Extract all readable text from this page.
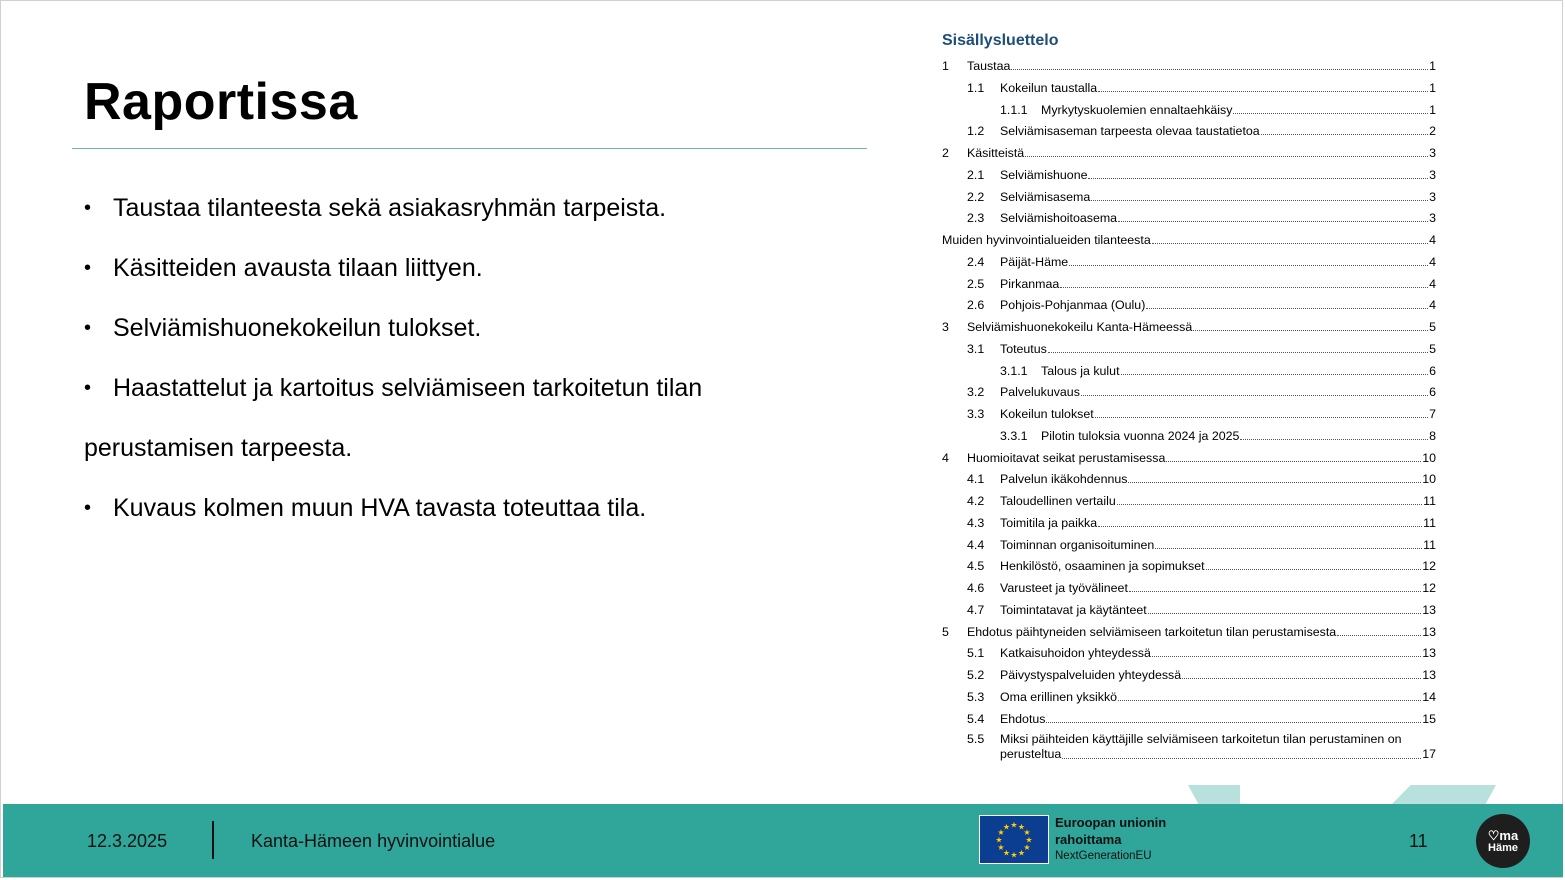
Raportissa
• Taustaa tilanteesta sekä asiakasryhmän tarpeista.
• Käsitteiden avausta tilaan liittyen.
• Selviämishuonekokeilun tulokset.
• Haastattelut ja kartoitus selviämiseen tarkoitetun tilan
perustamisen tarpeesta.
• Kuvaus kolmen muun HVA tavasta toteuttaa tila.
Sisällysluettelo
1	Taustaa	1
1.1	Kokeilun taustalla	1
1.1.1	Myrkytyskuolemien ennaltaehkäisy	1
1.2	Selviämisaseman tarpeesta olevaa taustatietoa	2
2	Käsitteistä	3
2.1	Selviämishuone	3
2.2	Selviämisasema	3
2.3	Selviämishoitoasema	3
Muiden hyvinvointialueiden tilanteesta	4
2.4	Päijät-Häme	4
2.5	Pirkanmaa	4
2.6	Pohjois-Pohjanmaa (Oulu)	4
3	Selviämishuonekokeilu Kanta-Hämeessä	5
3.1	Toteutus	5
3.1.1	Talous ja kulut	6
3.2	Palvelukuvaus	6
3.3	Kokeilun tulokset	7
3.3.1	Pilotin tuloksia vuonna 2024 ja 2025	8
4	Huomioitavat seikat perustamisessa	10
4.1	Palvelun ikäkohdennus	10
4.2	Taloudellinen vertailu	11
4.3	Toimitila ja paikka	11
4.4	Toiminnan organisoituminen	11
4.5	Henkilöstö, osaaminen ja sopimukset	12
4.6	Varusteet ja työvälineet	12
4.7	Toimintatavat ja käytänteet	13
5	Ehdotus päihtyneiden selviämiseen tarkoitetun tilan perustamisesta	13
5.1	Katkaisuhoidon yhteydessä	13
5.2	Päivystyspalveluiden yhteydessä	13
5.3	Oma erillinen yksikkö	14
5.4	Ehdotus	15
5.5 Miksi päihteiden käyttäjille selviämiseen tarkoitetun tilan perustaminen on
perusteltua	17
12.3.2025	Kanta-Hämeen hyvinvointialue
★ ★
★
★
★
★
★
★
★
★
★
★	Euroopan unionin
rahoittama
NextGenerationEU
11	♡ma
Häme
